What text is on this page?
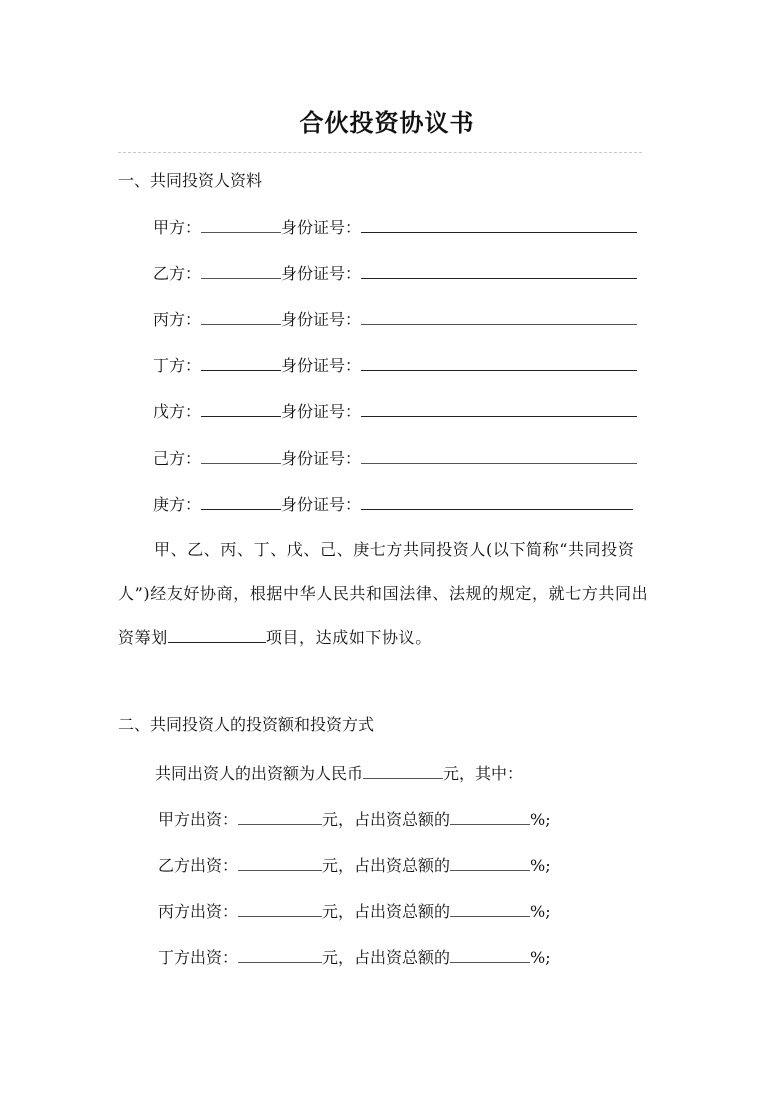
合伙投资协议书
一、共同投资人资料
甲方：	身份证号：
乙方：	身份证号：
丙方：	身份证号：
丁方：	身份证号：
戊方：	身份证号：
己方：	身份证号：
庚方：	身份证号：
甲、乙、丙、丁、戊、己、庚七方共同投资人(以下简称“共同投资人”)经友好协商，根据中华人民共和国法律、法规的规定，就七方共同出资筹划	项目，达成如下协议。
二、共同投资人的投资额和投资方式
共同出资人的出资额为人民币	元，其中：
甲方出资：	元，占出资总额的	%;
乙方出资：	元，占出资总额的	%;
丙方出资：	元，占出资总额的	%;
丁方出资：	元，占出资总额的	%;
